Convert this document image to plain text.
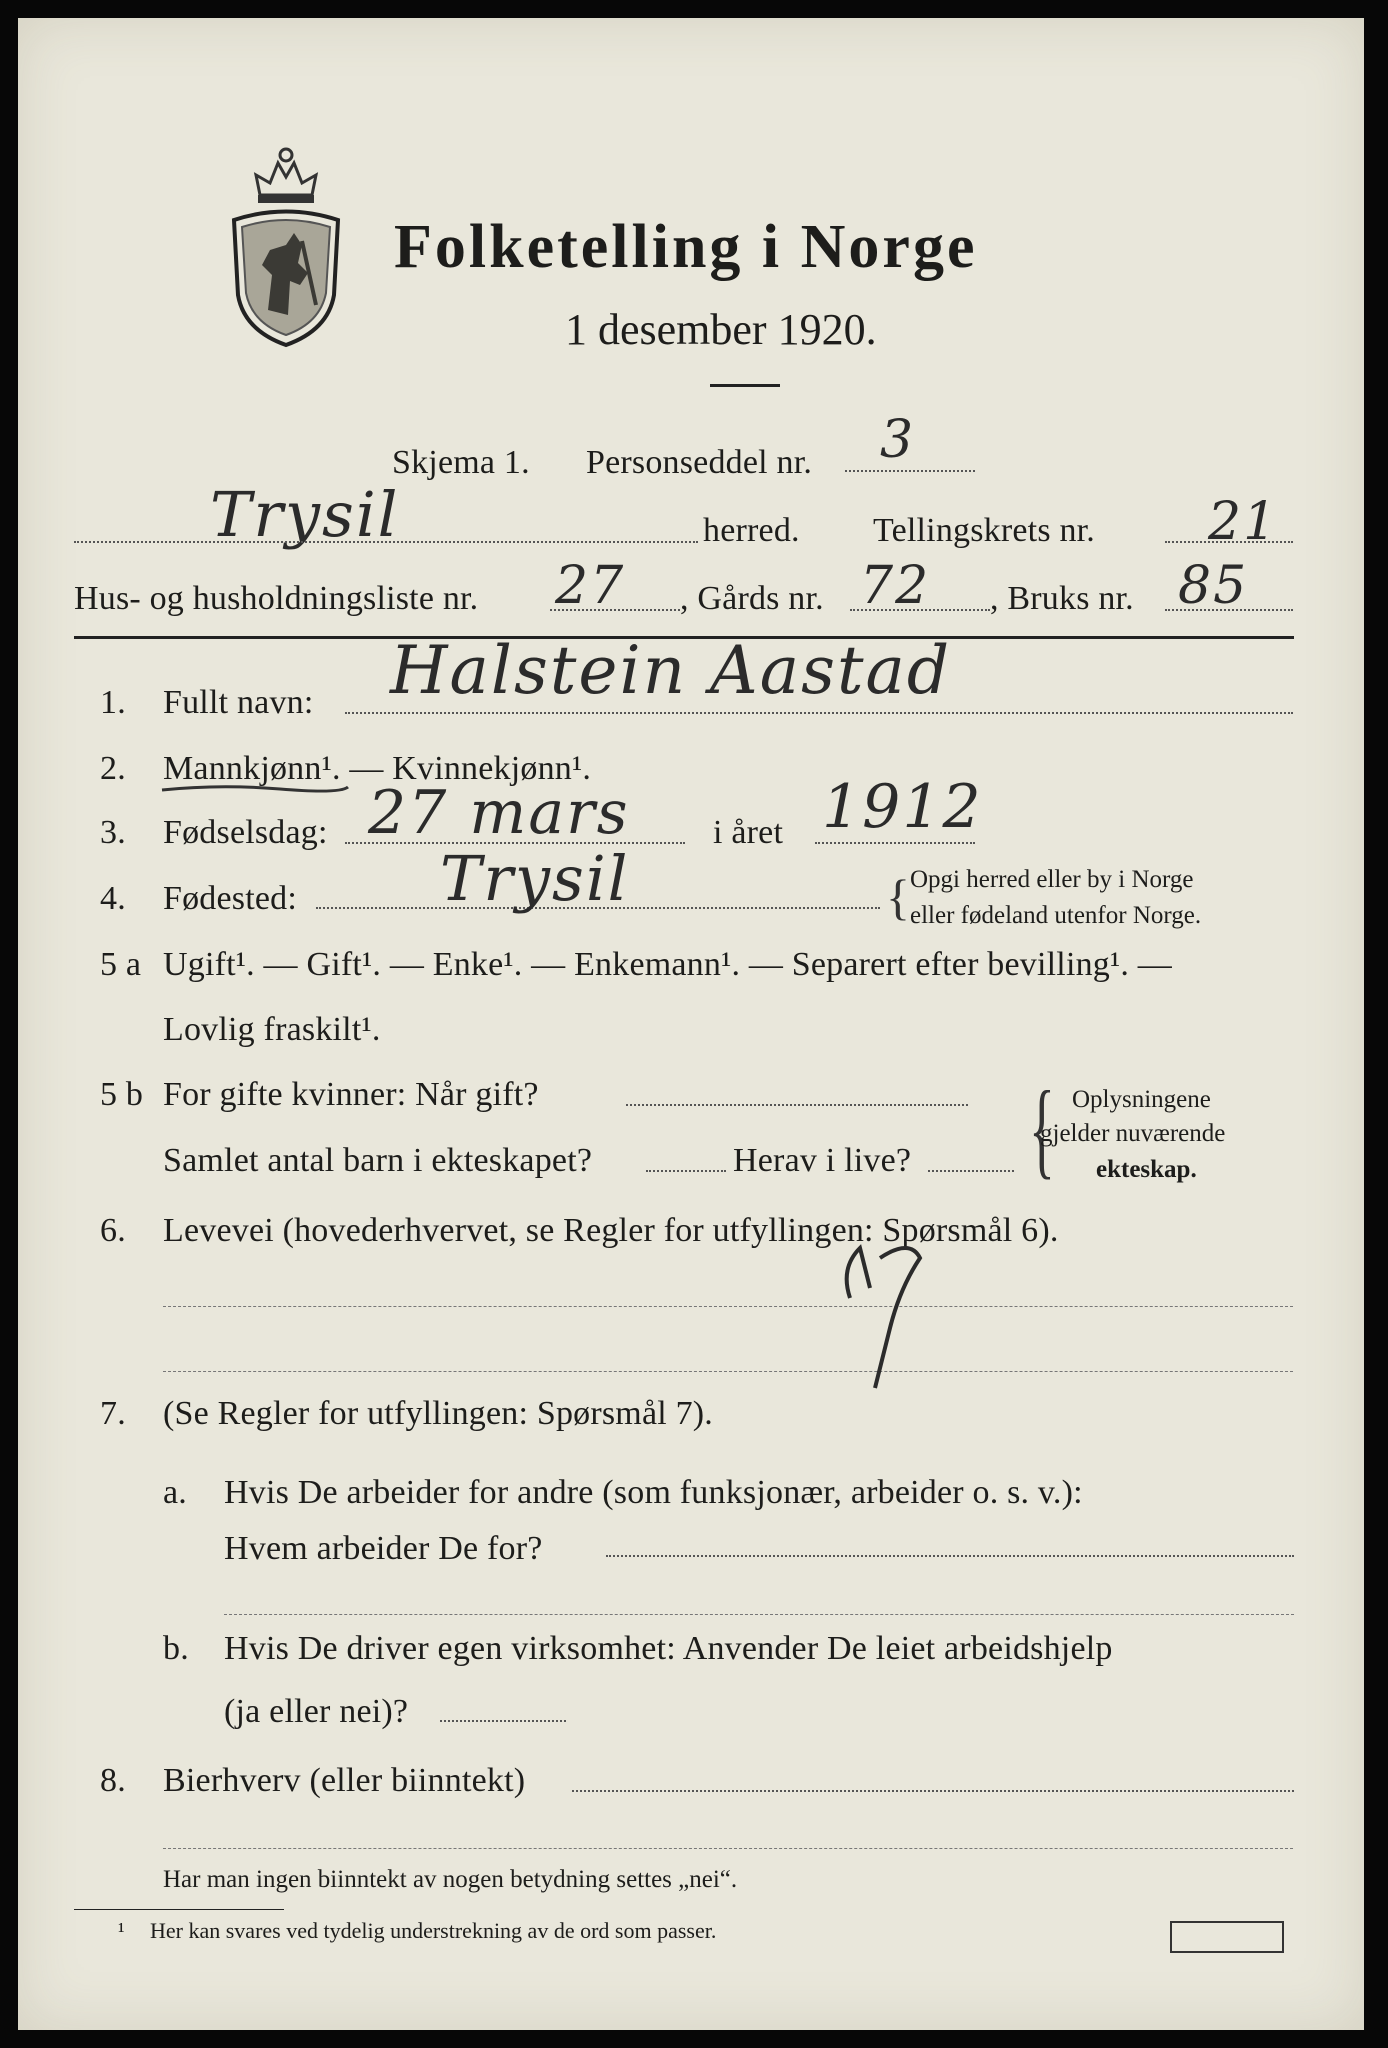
Folketelling i Norge
1 desember 1920.
Skjema 1. Personseddel nr. 3
Trysil	herred. Tellingskrets nr. 21
Hus- og husholdningsliste nr. 27 , Gårds nr. 72 , Bruks nr. 85
1. Fullt navn: Halstein Aastad
2. Mannkjønn¹. — Kvinnekjønn¹.
3. Fødselsdag: 27 mars i året 1912
4. Fødested: Trysil	{ Opgi herred eller by i Norge
eller fødeland utenfor Norge.
5 a Ugift¹. — Gift¹. — Enke¹. — Enkemann¹. — Separert efter bevilling¹. —
Lovlig fraskilt¹.
5 b For gifte kvinner: Når gift?
Samlet antal barn i ekteskapet?	Herav i live? { Oplysningene
gjelder nuværende
ekteskap.
6. Levevei (hovederhvervet, se Regler for utfyllingen: Spørsmål 6).
7. (Se Regler for utfyllingen: Spørsmål 7).
a. Hvis De arbeider for andre (som funksjonær, arbeider o. s. v.):
Hvem arbeider De for?
b. Hvis De driver egen virksomhet: Anvender De leiet arbeidshjelp
(ja eller nei)?
8. Bierhverv (eller biinntekt)
Har man ingen biinntekt av nogen betydning settes „nei“.
¹ Her kan svares ved tydelig understrekning av de ord som passer.
